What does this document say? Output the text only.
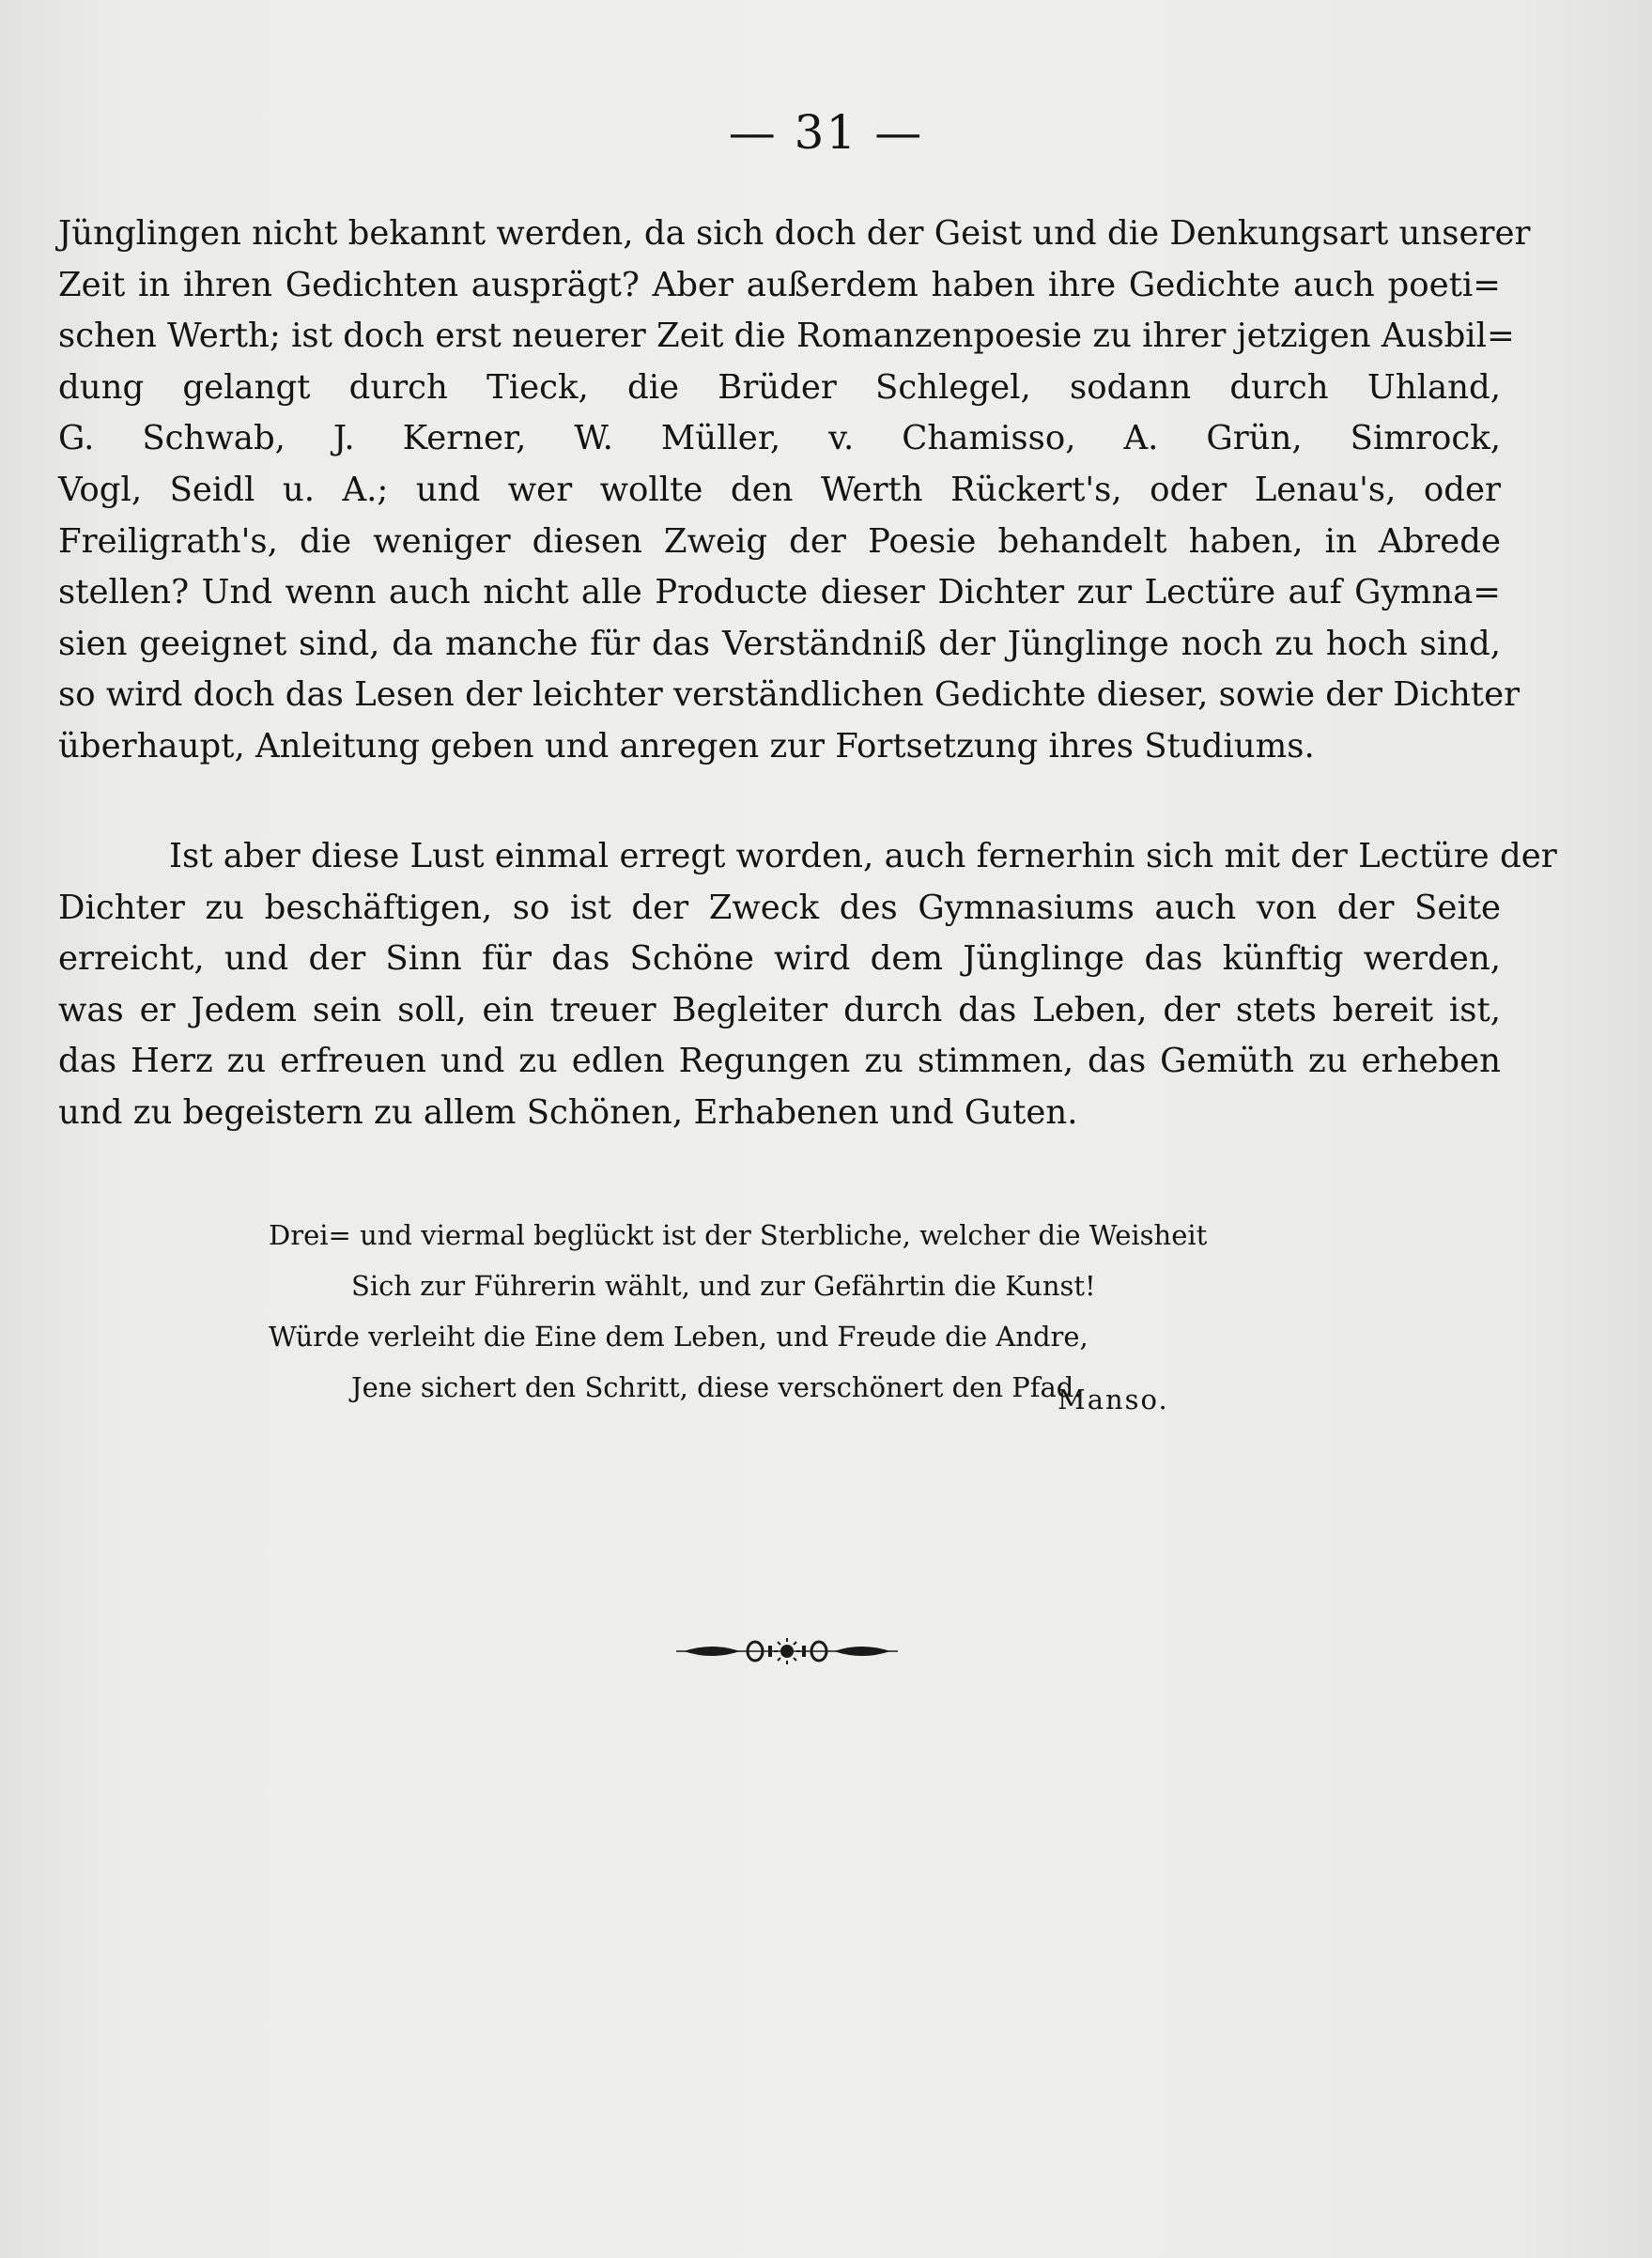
— 31 —
Jünglingen nicht bekannt werden, da sich doch der Geist und die Denkungsart unserer
Zeit in ihren Gedichten ausprägt? Aber außerdem haben ihre Gedichte auch poeti=
schen Werth; ist doch erst neuerer Zeit die Romanzenpoesie zu ihrer jetzigen Ausbil=
dung gelangt durch Tieck, die Brüder Schlegel, sodann durch Uhland,
G. Schwab, J. Kerner, W. Müller, v. Chamisso, A. Grün, Simrock,
Vogl, Seidl u. A.; und wer wollte den Werth Rückert's, oder Lenau's, oder
Freiligrath's, die weniger diesen Zweig der Poesie behandelt haben, in Abrede
stellen? Und wenn auch nicht alle Producte dieser Dichter zur Lectüre auf Gymna=
sien geeignet sind, da manche für das Verständniß der Jünglinge noch zu hoch sind,
so wird doch das Lesen der leichter verständlichen Gedichte dieser, sowie der Dichter
überhaupt, Anleitung geben und anregen zur Fortsetzung ihres Studiums.
Ist aber diese Lust einmal erregt worden, auch fernerhin sich mit der Lectüre der
Dichter zu beschäftigen, so ist der Zweck des Gymnasiums auch von der Seite
erreicht, und der Sinn für das Schöne wird dem Jünglinge das künftig werden,
was er Jedem sein soll, ein treuer Begleiter durch das Leben, der stets bereit ist,
das Herz zu erfreuen und zu edlen Regungen zu stimmen, das Gemüth zu erheben
und zu begeistern zu allem Schönen, Erhabenen und Guten.
Drei= und viermal beglückt ist der Sterbliche, welcher die Weisheit
Sich zur Führerin wählt, und zur Gefährtin die Kunst!
Würde verleiht die Eine dem Leben, und Freude die Andre,
Jene sichert den Schritt, diese verschönert den Pfad.
Manso.
